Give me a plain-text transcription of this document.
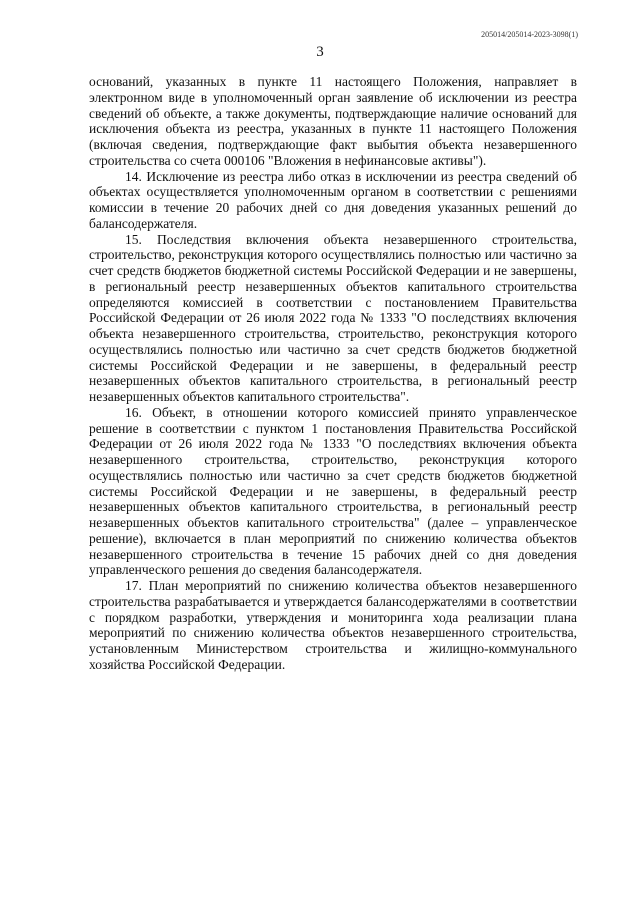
205014/205014-2023-3098(1)
3

оснований, указанных в пункте 11 настоящего Положения, направляет в электронном виде в уполномоченный орган заявление об исключении из реестра сведений об объекте, а также документы, подтверждающие наличие оснований для исключения объекта из реестра, указанных в пункте 11 настоящего Положения (включая сведения, подтверждающие факт выбытия объекта незавершенного строительства со счета 000106 "Вложения в нефинансовые активы").

14. Исключение из реестра либо отказ в исключении из реестра сведений об объектах осуществляется уполномоченным органом в соответствии с решениями комиссии в течение 20 рабочих дней со дня доведения указанных решений до балансодержателя.

15. Последствия включения объекта незавершенного строительства, строительство, реконструкция которого осуществлялись полностью или частично за счет средств бюджетов бюджетной системы Российской Федерации и не завершены, в региональный реестр незавершенных объектов капитального строительства определяются комиссией в соответствии с постановлением Правительства Российской Федерации от 26 июля 2022 года № 1333 "О последствиях включения объекта незавершенного строительства, строительство, реконструкция которого осуществлялись полностью или частично за счет средств бюджетов бюджетной системы Российской Федерации и не завершены, в федеральный реестр незавершенных объектов капитального строительства, в региональный реестр незавершенных объектов капитального строительства".

16. Объект, в отношении которого комиссией принято управленческое решение в соответствии с пунктом 1 постановления Правительства Российской Федерации от 26 июля 2022 года № 1333 "О последствиях включения объекта незавершенного строительства, строительство, реконструкция которого осуществлялись полностью или частично за счет средств бюджетов бюджетной системы Российской Федерации и не завершены, в федеральный реестр незавершенных объектов капитального строительства, в региональный реестр незавершенных объектов капитального строительства" (далее – управленческое решение), включается в план мероприятий по снижению количества объектов незавершенного строительства в течение 15 рабочих дней со дня доведения управленческого решения до сведения балансодержателя.

17. План мероприятий по снижению количества объектов незавершенного строительства разрабатывается и утверждается балансодержателями в соответствии с порядком разработки, утверждения и мониторинга хода реализации плана мероприятий по снижению количества объектов незавершенного строительства, установленным Министерством строительства и жилищно-коммунального хозяйства Российской Федерации.
